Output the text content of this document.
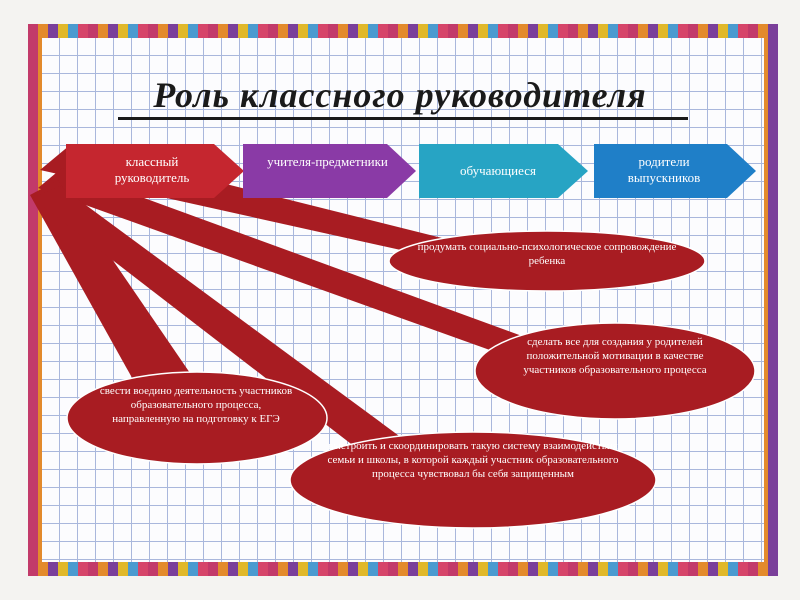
Роль классного руководителя
классный руководитель
учителя-предметники
обучающиеся
родители выпускников
продумать социально-психологическое сопровождение ребенка
сделать все для создания у родителей положительной мотивации в качестве участников образовательного процесса
свести воедино деятельность участников образовательного процесса, направленную на подготовку к ЕГЭ
выстроить и скоординировать такую систему взаимодействия семьи и школы, в которой каждый участник образовательного процесса чувствовал бы себя защищенным
